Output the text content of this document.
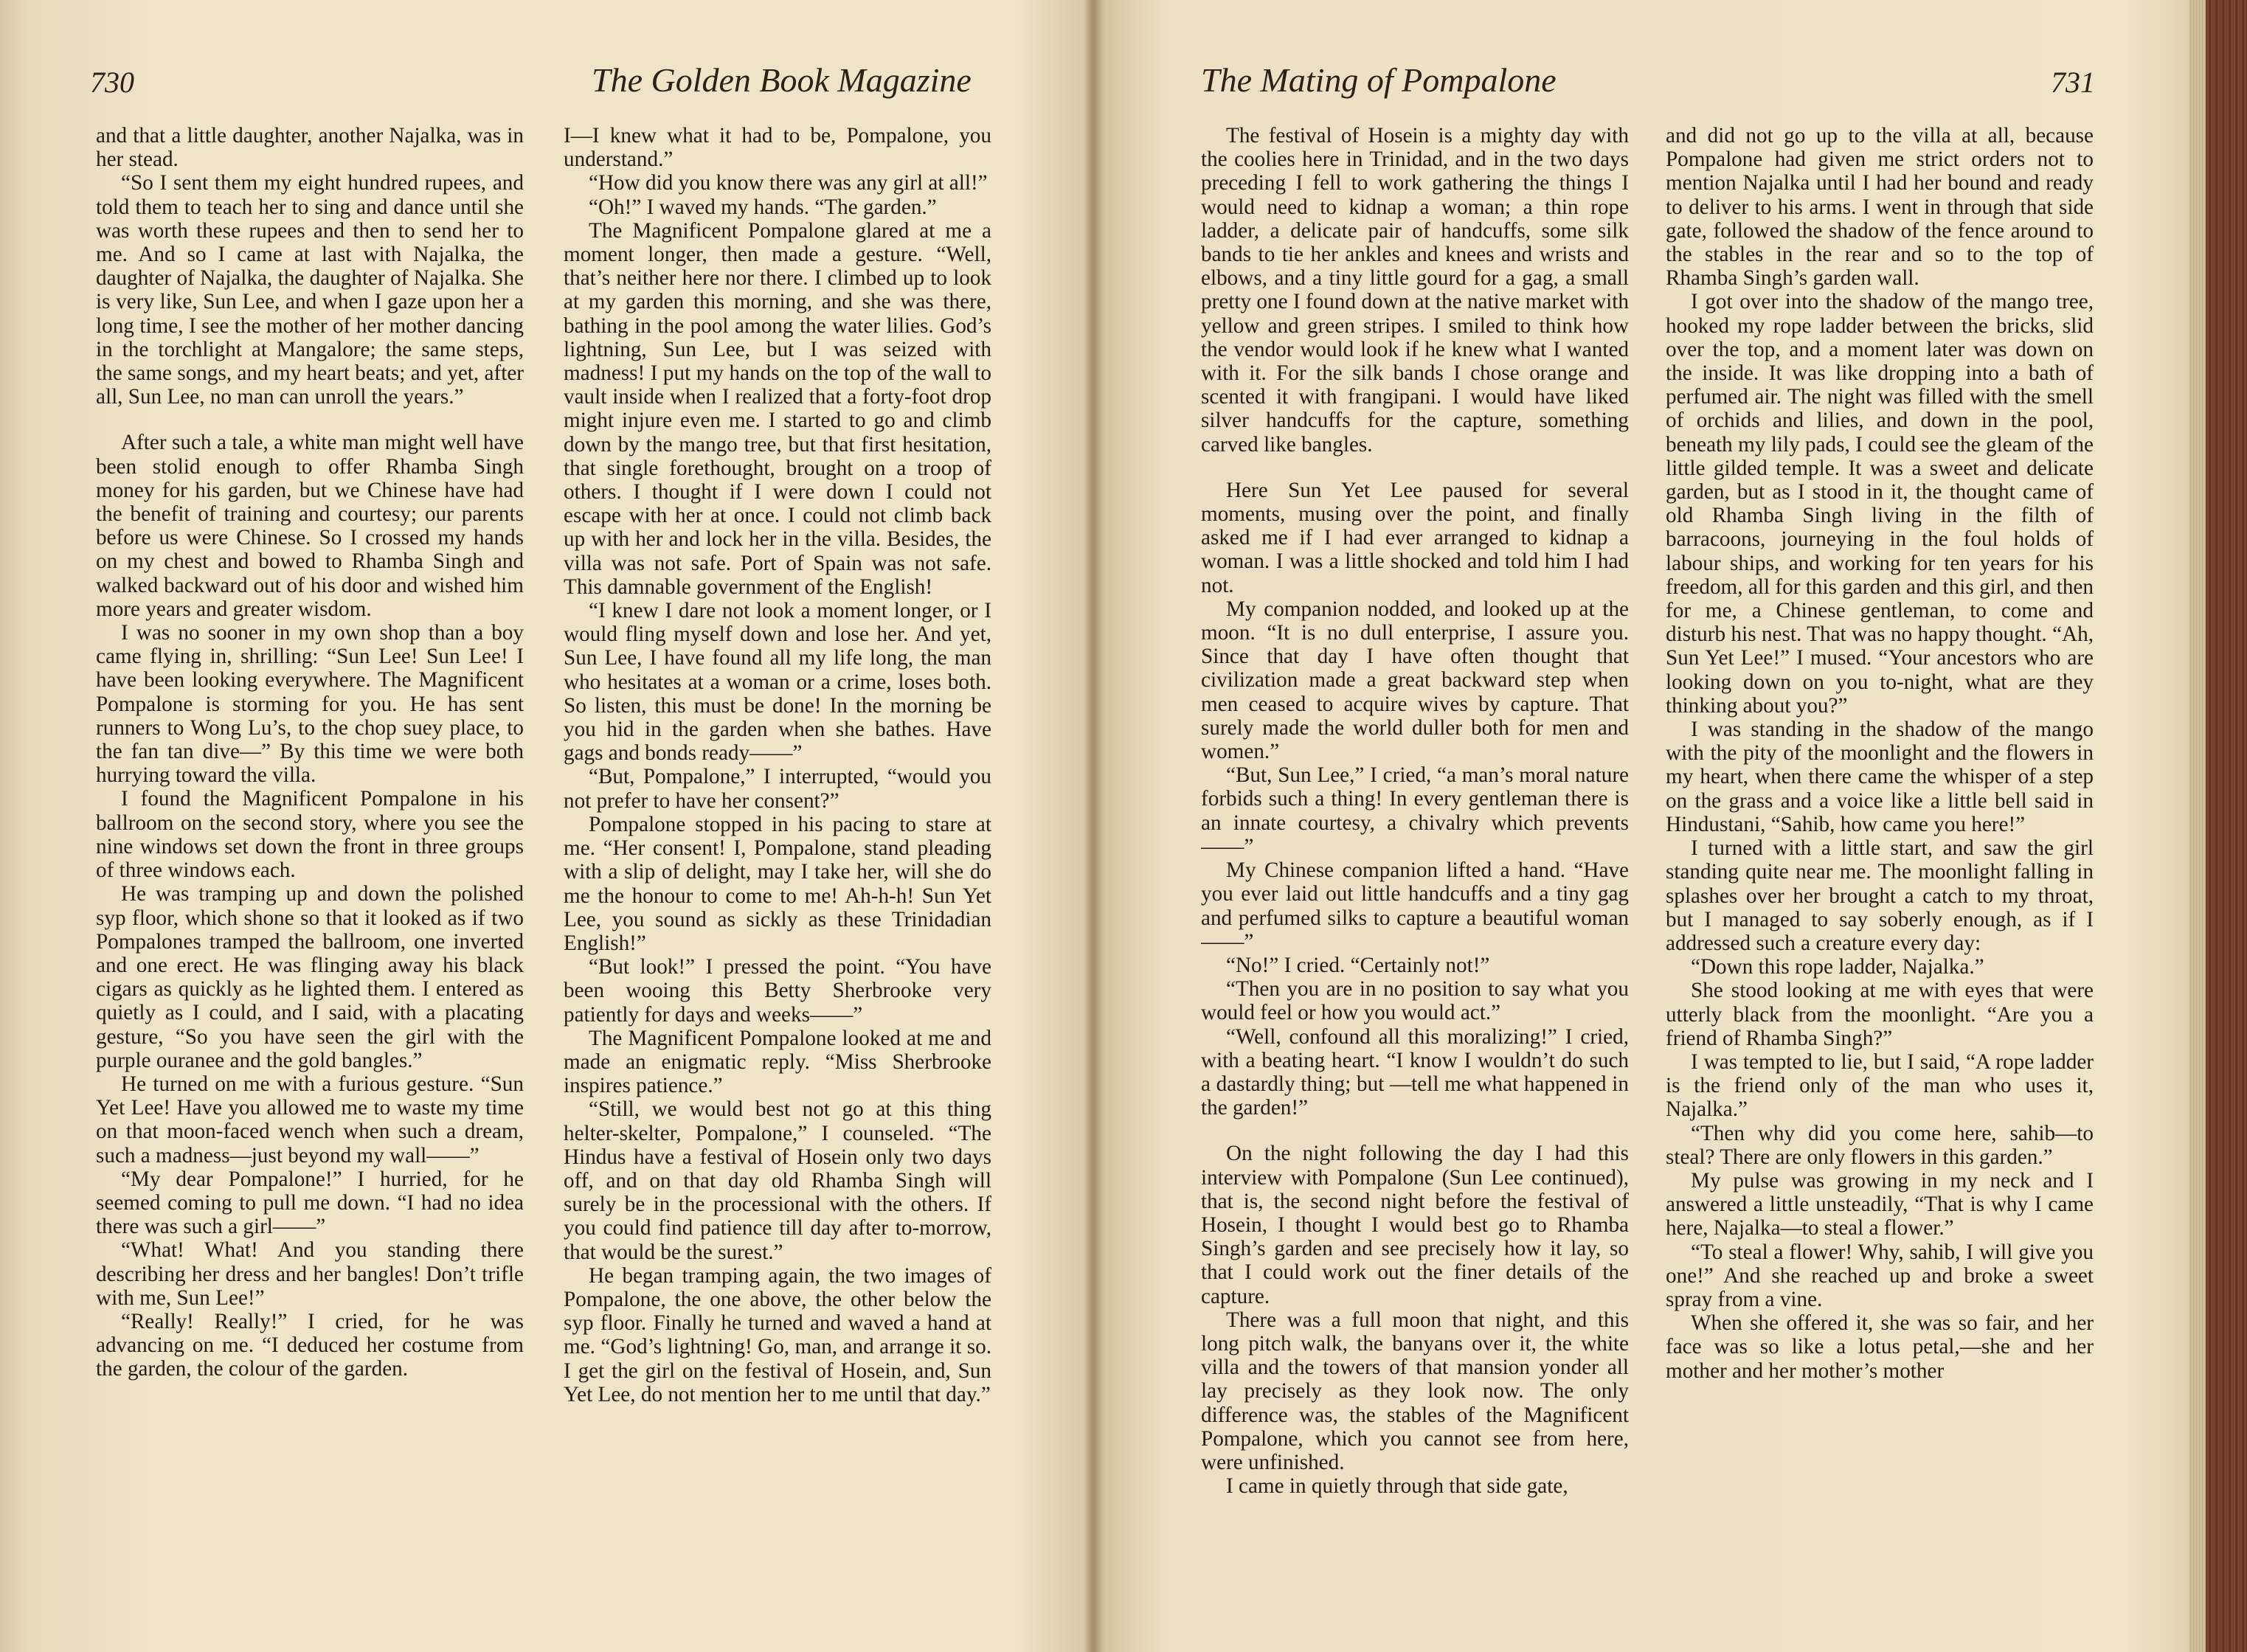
730	The Golden Book Magazine

and that a little daughter, another Najalka, was in her stead.

“So I sent them my eight hundred rupees, and told them to teach her to sing and dance until she was worth these rupees and then to send her to me. And so I came at last with Najalka, the daughter of Najalka, the daughter of Najalka. She is very like, Sun Lee, and when I gaze upon her a long time, I see the mother of her mother dancing in the torchlight at Mangalore; the same steps, the same songs, and my heart beats; and yet, after all, Sun Lee, no man can unroll the years.”

After such a tale, a white man might well have been stolid enough to offer Rhamba Singh money for his garden, but we Chinese have had the benefit of training and courtesy; our parents before us were Chinese. So I crossed my hands on my chest and bowed to Rhamba Singh and walked backward out of his door and wished him more years and greater wisdom.

I was no sooner in my own shop than a boy came flying in, shrilling: “Sun Lee! Sun Lee! I have been looking everywhere. The Magnificent Pompalone is storming for you. He has sent runners to Wong Lu’s, to the chop suey place, to the fan tan dive—” By this time we were both hurrying toward the villa.

I found the Magnificent Pompalone in his ballroom on the second story, where you see the nine windows set down the front in three groups of three windows each.

He was tramping up and down the polished syp floor, which shone so that it looked as if two Pompalones tramped the ballroom, one inverted and one erect. He was flinging away his black cigars as quickly as he lighted them. I entered as quietly as I could, and I said, with a placating gesture, “So you have seen the girl with the purple ouranee and the gold bangles.”

He turned on me with a furious gesture. “Sun Yet Lee! Have you allowed me to waste my time on that moon-faced wench when such a dream, such a madness—just beyond my wall——”

“My dear Pompalone!” I hurried, for he seemed coming to pull me down. “I had no idea there was such a girl——”

“What! What! And you standing there describing her dress and her bangles! Don’t trifle with me, Sun Lee!”

“Really! Really!” I cried, for he was advancing on me. “I deduced her costume from the garden, the colour of the garden.

I—I knew what it had to be, Pompalone, you understand.”

“How did you know there was any girl at all!”

“Oh!” I waved my hands. “The garden.”

The Magnificent Pompalone glared at me a moment longer, then made a gesture. “Well, that’s neither here nor there. I climbed up to look at my garden this morning, and she was there, bathing in the pool among the water lilies. God’s lightning, Sun Lee, but I was seized with madness! I put my hands on the top of the wall to vault inside when I realized that a forty-foot drop might injure even me. I started to go and climb down by the mango tree, but that first hesitation, that single forethought, brought on a troop of others. I thought if I were down I could not escape with her at once. I could not climb back up with her and lock her in the villa. Besides, the villa was not safe. Port of Spain was not safe. This damnable government of the English!

“I knew I dare not look a moment longer, or I would fling myself down and lose her. And yet, Sun Lee, I have found all my life long, the man who hesitates at a woman or a crime, loses both. So listen, this must be done! In the morning be you hid in the garden when she bathes. Have gags and bonds ready——”

“But, Pompalone,” I interrupted, “would you not prefer to have her consent?”

Pompalone stopped in his pacing to stare at me. “Her consent! I, Pompalone, stand pleading with a slip of delight, may I take her, will she do me the honour to come to me! Ah-h-h! Sun Yet Lee, you sound as sickly as these Trinidadian English!”

“But look!” I pressed the point. “You have been wooing this Betty Sherbrooke very patiently for days and weeks——”

The Magnificent Pompalone looked at me and made an enigmatic reply. “Miss Sherbrooke inspires patience.”

“Still, we would best not go at this thing helter-skelter, Pompalone,” I counseled. “The Hindus have a festival of Hosein only two days off, and on that day old Rhamba Singh will surely be in the processional with the others. If you could find patience till day after to-morrow, that would be the surest.”

He began tramping again, the two images of Pompalone, the one above, the other below the syp floor. Finally he turned and waved a hand at me. “God’s lightning! Go, man, and arrange it so. I get the girl on the festival of Hosein, and, Sun Yet Lee, do not mention her to me until that day.”

The Mating of Pompalone	731

The festival of Hosein is a mighty day with the coolies here in Trinidad, and in the two days preceding I fell to work gathering the things I would need to kidnap a woman; a thin rope ladder, a delicate pair of handcuffs, some silk bands to tie her ankles and knees and wrists and elbows, and a tiny little gourd for a gag, a small pretty one I found down at the native market with yellow and green stripes. I smiled to think how the vendor would look if he knew what I wanted with it. For the silk bands I chose orange and scented it with frangipani. I would have liked silver handcuffs for the capture, something carved like bangles.

Here Sun Yet Lee paused for several moments, musing over the point, and finally asked me if I had ever arranged to kidnap a woman. I was a little shocked and told him I had not.

My companion nodded, and looked up at the moon. “It is no dull enterprise, I assure you. Since that day I have often thought that civilization made a great backward step when men ceased to acquire wives by capture. That surely made the world duller both for men and women.”

“But, Sun Lee,” I cried, “a man’s moral nature forbids such a thing! In every gentleman there is an innate courtesy, a chivalry which prevents——”

My Chinese companion lifted a hand. “Have you ever laid out little handcuffs and a tiny gag and perfumed silks to capture a beautiful woman——”

“No!” I cried. “Certainly not!”

“Then you are in no position to say what you would feel or how you would act.”

“Well, confound all this moralizing!” I cried, with a beating heart. “I know I wouldn’t do such a dastardly thing; but —tell me what happened in the garden!”

On the night following the day I had this interview with Pompalone (Sun Lee continued), that is, the second night before the festival of Hosein, I thought I would best go to Rhamba Singh’s garden and see precisely how it lay, so that I could work out the finer details of the capture.

There was a full moon that night, and this long pitch walk, the banyans over it, the white villa and the towers of that mansion yonder all lay precisely as they look now. The only difference was, the stables of the Magnificent Pompalone, which you cannot see from here, were unfinished.

I came in quietly through that side gate,

and did not go up to the villa at all, because Pompalone had given me strict orders not to mention Najalka until I had her bound and ready to deliver to his arms. I went in through that side gate, followed the shadow of the fence around to the stables in the rear and so to the top of Rhamba Singh’s garden wall.

I got over into the shadow of the mango tree, hooked my rope ladder between the bricks, slid over the top, and a moment later was down on the inside. It was like dropping into a bath of perfumed air. The night was filled with the smell of orchids and lilies, and down in the pool, beneath my lily pads, I could see the gleam of the little gilded temple. It was a sweet and delicate garden, but as I stood in it, the thought came of old Rhamba Singh living in the filth of barracoons, journeying in the foul holds of labour ships, and working for ten years for his freedom, all for this garden and this girl, and then for me, a Chinese gentleman, to come and disturb his nest. That was no happy thought. “Ah, Sun Yet Lee!” I mused. “Your ancestors who are looking down on you to-night, what are they thinking about you?”

I was standing in the shadow of the mango with the pity of the moonlight and the flowers in my heart, when there came the whisper of a step on the grass and a voice like a little bell said in Hindustani, “Sahib, how came you here!”

I turned with a little start, and saw the girl standing quite near me. The moonlight falling in splashes over her brought a catch to my throat, but I managed to say soberly enough, as if I addressed such a creature every day:

“Down this rope ladder, Najalka.”

She stood looking at me with eyes that were utterly black from the moonlight. “Are you a friend of Rhamba Singh?”

I was tempted to lie, but I said, “A rope ladder is the friend only of the man who uses it, Najalka.”

“Then why did you come here, sahib—to steal? There are only flowers in this garden.”

My pulse was growing in my neck and I answered a little unsteadily, “That is why I came here, Najalka—to steal a flower.”

“To steal a flower! Why, sahib, I will give you one!” And she reached up and broke a sweet spray from a vine.

When she offered it, she was so fair, and her face was so like a lotus petal,—she and her mother and her mother’s mother
